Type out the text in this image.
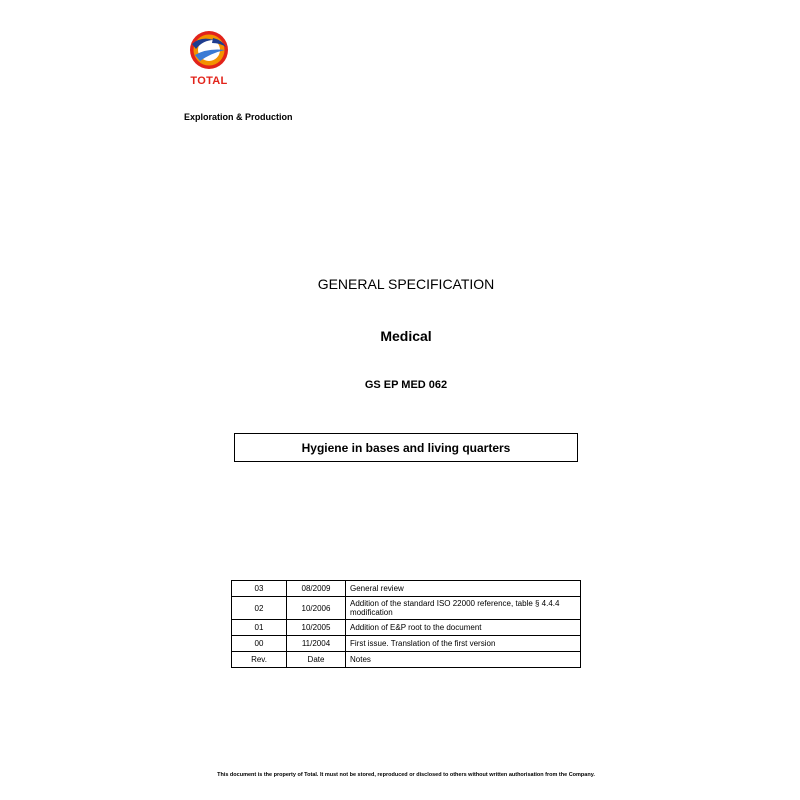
TOTAL
Exploration & Production
GENERAL SPECIFICATION
Medical
GS EP MED 062
Hygiene in bases and living quarters
03	08/2009	General review
02	10/2006	Addition of the standard ISO 22000 reference, table § 4.4.4 modification
01	10/2005	Addition of E&P root to the document
00	11/2004	First issue. Translation of the first version
Rev.	Date	Notes
This document is the property of Total. It must not be stored, reproduced or disclosed to others without written authorisation from the Company.
